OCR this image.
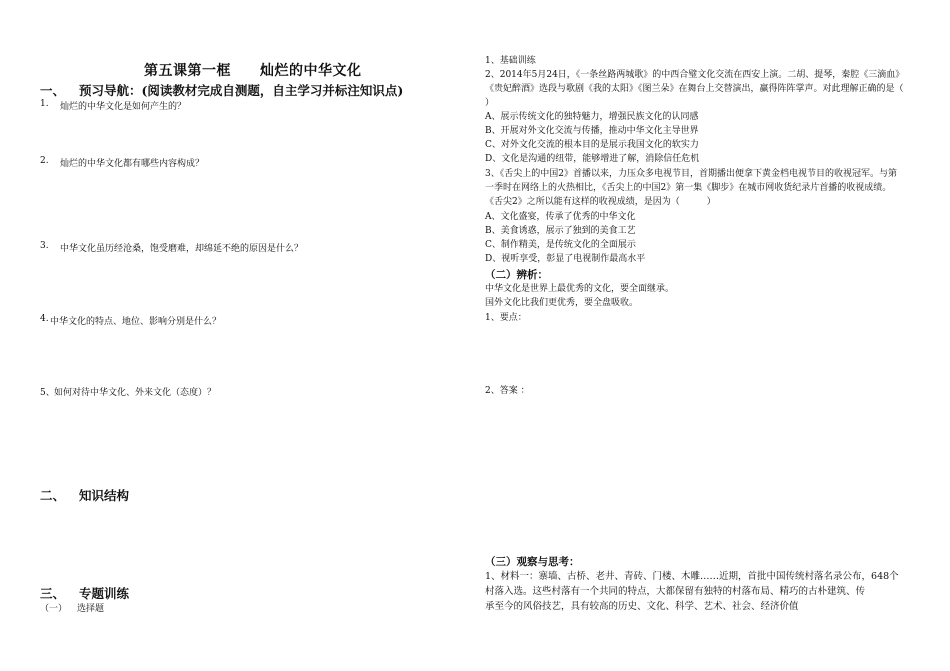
第五课第一框　　灿烂的中华文化
一、 预习导航：(阅读教材完成自测题，自主学习并标注知识点)
1. 灿烂的中华文化是如何产生的？
2. 灿烂的中华文化都有哪些内容构成？
3. 中华文化虽历经沧桑，饱受磨难，却绵延不绝的原因是什么？
4. 中华文化的特点、地位、影响分别是什么？
5、 如何对待中华文化、外来文化（态度）？
二、 知识结构
三、 专题训练
（一） 选择题
1、基础训练
2、2014年5月24日，《一条丝路两城歌》的中西合璧文化交流在西安上演。二胡、提琴，秦腔《三滴血》
《贵妃醉酒》选段与歌剧《我的太阳》《图兰朵》在舞台上交替演出，赢得阵阵掌声。对此理解正确的是（
）
A、展示传统文化的独特魅力，增强民族文化的认同感
B、开展对外文化交流与传播，推动中华文化主导世界
C、对外文化交流的根本目的是展示我国文化的软实力
D、文化是沟通的纽带，能够增进了解，消除信任危机
3、《舌尖上的中国2》首播以来，力压众多电视节目，首期播出便拿下黄金档电视节目的收视冠军。与第
一季时在网络上的火热相比，《舌尖上的中国2》第一集《脚步》在城市网收货纪录片首播的收视成绩。
《舌尖2》之所以能有这样的收视成绩，是因为（　　　）
A、文化盛宴，传承了优秀的中华文化
B、美食诱惑，展示了独到的美食工艺
C、制作精美，是传统文化的全面展示
D、视听享受，彰显了电视制作最高水平
（二）辨析：
中华文化是世界上最优秀的文化，要全面继承。
国外文化比我们更优秀，要全盘吸收。
1、要点：
2、答案 ：
（三）观察与思考：
1、材料一：寨墙、古桥、老井、青砖、门楼、木雕……近期，首批中国传统村落名录公布，648个
村落入选。这些村落有一个共同的特点，大都保留有独特的村落布局、精巧的古朴建筑、传
承至今的风俗技艺，具有较高的历史、文化、科学、艺术、社会、经济价值
